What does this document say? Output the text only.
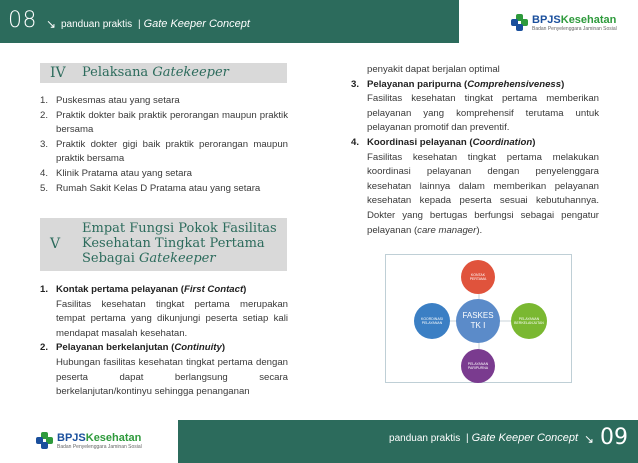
08 ↘ panduan praktis | Gate Keeper Concept	BPJSKesehatan
Badan Penyelenggara Jaminan Sosial
IV Pelaksana Gatekeeper
1. Puskesmas atau yang setara
2. Praktik dokter baik praktik perorangan maupun praktik bersama
3. Praktik dokter gigi baik praktik perorangan maupun praktik bersama
4. Klinik Pratama atau yang setara
5. Rumah Sakit Kelas D Pratama atau yang setara
V
Empat Fungsi Pokok Fasilitas
Kesehatan Tingkat Pertama
Sebagai Gatekeeper
1. Kontak pertama pelayanan (First Contact)
Fasilitas kesehatan tingkat pertama merupakan tempat pertama yang dikunjungi peserta setiap kali mendapat masalah kesehatan.
2. Pelayanan berkelanjutan (Continuity)
Hubungan fasilitas kesehatan tingkat pertama dengan peserta dapat berlangsung secara berkelanjutan/kontinyu sehingga penanganan
penyakit dapat berjalan optimal
3. Pelayanan paripurna (Comprehensiveness)
Fasilitas kesehatan tingkat pertama memberikan pelayanan yang komprehensif terutama untuk pelayanan promotif dan preventif.
4. Koordinasi pelayanan (Coordination)
Fasilitas kesehatan tingkat pertama melakukan koordinasi pelayanan dengan penyelenggara kesehatan lainnya dalam memberikan pelayanan kesehatan kepada peserta sesuai kebutuhannya. Dokter yang bertugas berfungsi sebagai pengatur pelayanan (care manager).
KONTAK PERTAMA
KOORDINASI PELAYANAN
PELAYANAN BERKELANJUTAN
PELAYANAN PARIPURNA
FASKES TK I
BPJSKesehatan
Badan Penyelenggara Jaminan Sosial
panduan praktis | Gate Keeper Concept ↘ 09
